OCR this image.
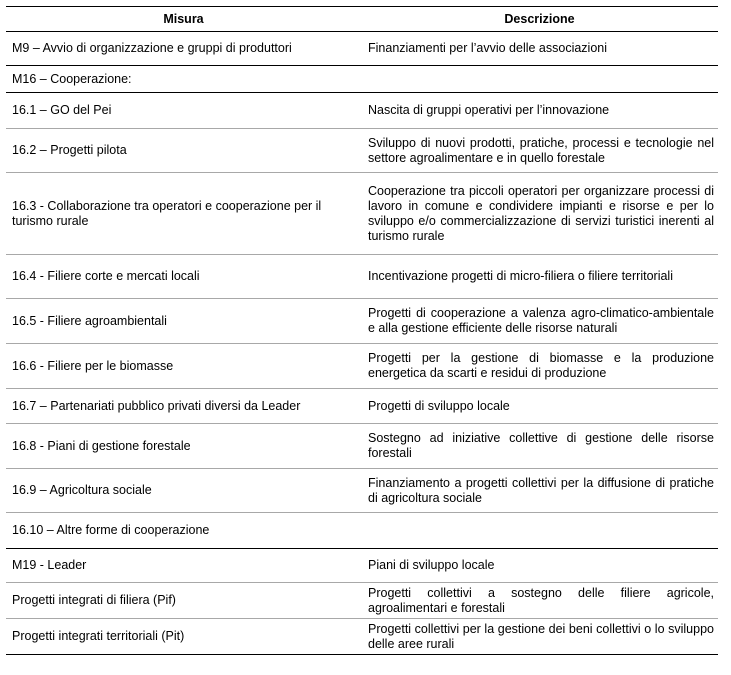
Misura	Descrizione
M9 – Avvio di organizzazione e gruppi di produttori	Finanziamenti per l’avvio delle associazioni
M16 – Cooperazione:	
16.1 – GO del Pei	Nascita di gruppi operativi per l’innovazione
16.2 – Progetti pilota	Sviluppo di nuovi prodotti, pratiche, processi e tecnologie nel settore agroalimentare e in quello forestale
16.3 - Collaborazione tra operatori e cooperazione per il turismo rurale	Cooperazione tra piccoli operatori per organizzare processi di lavoro in comune e condividere impianti e risorse e per lo sviluppo e/o commercializzazione di servizi turistici inerenti al turismo rurale
16.4 - Filiere corte e mercati locali	Incentivazione progetti di micro-filiera o filiere territoriali
16.5 - Filiere agroambientali	Progetti di cooperazione a valenza agro-climatico-ambientale e alla gestione efficiente delle risorse naturali
16.6 - Filiere per le biomasse	Progetti per la gestione di biomasse e la produzione energetica da scarti e residui di produzione
16.7 – Partenariati pubblico privati diversi da Leader	Progetti di sviluppo locale
16.8 - Piani di gestione forestale	Sostegno ad iniziative collettive di gestione delle risorse forestali
16.9 – Agricoltura sociale	Finanziamento a progetti collettivi per la diffusione di pratiche di agricoltura sociale
16.10 – Altre forme di cooperazione	
M19 - Leader	Piani di sviluppo locale
Progetti integrati di filiera (Pif)	Progetti collettivi a sostegno delle filiere agricole, agroalimentari e forestali
Progetti integrati territoriali (Pit)	Progetti collettivi per la gestione dei beni collettivi o lo sviluppo delle aree rurali
